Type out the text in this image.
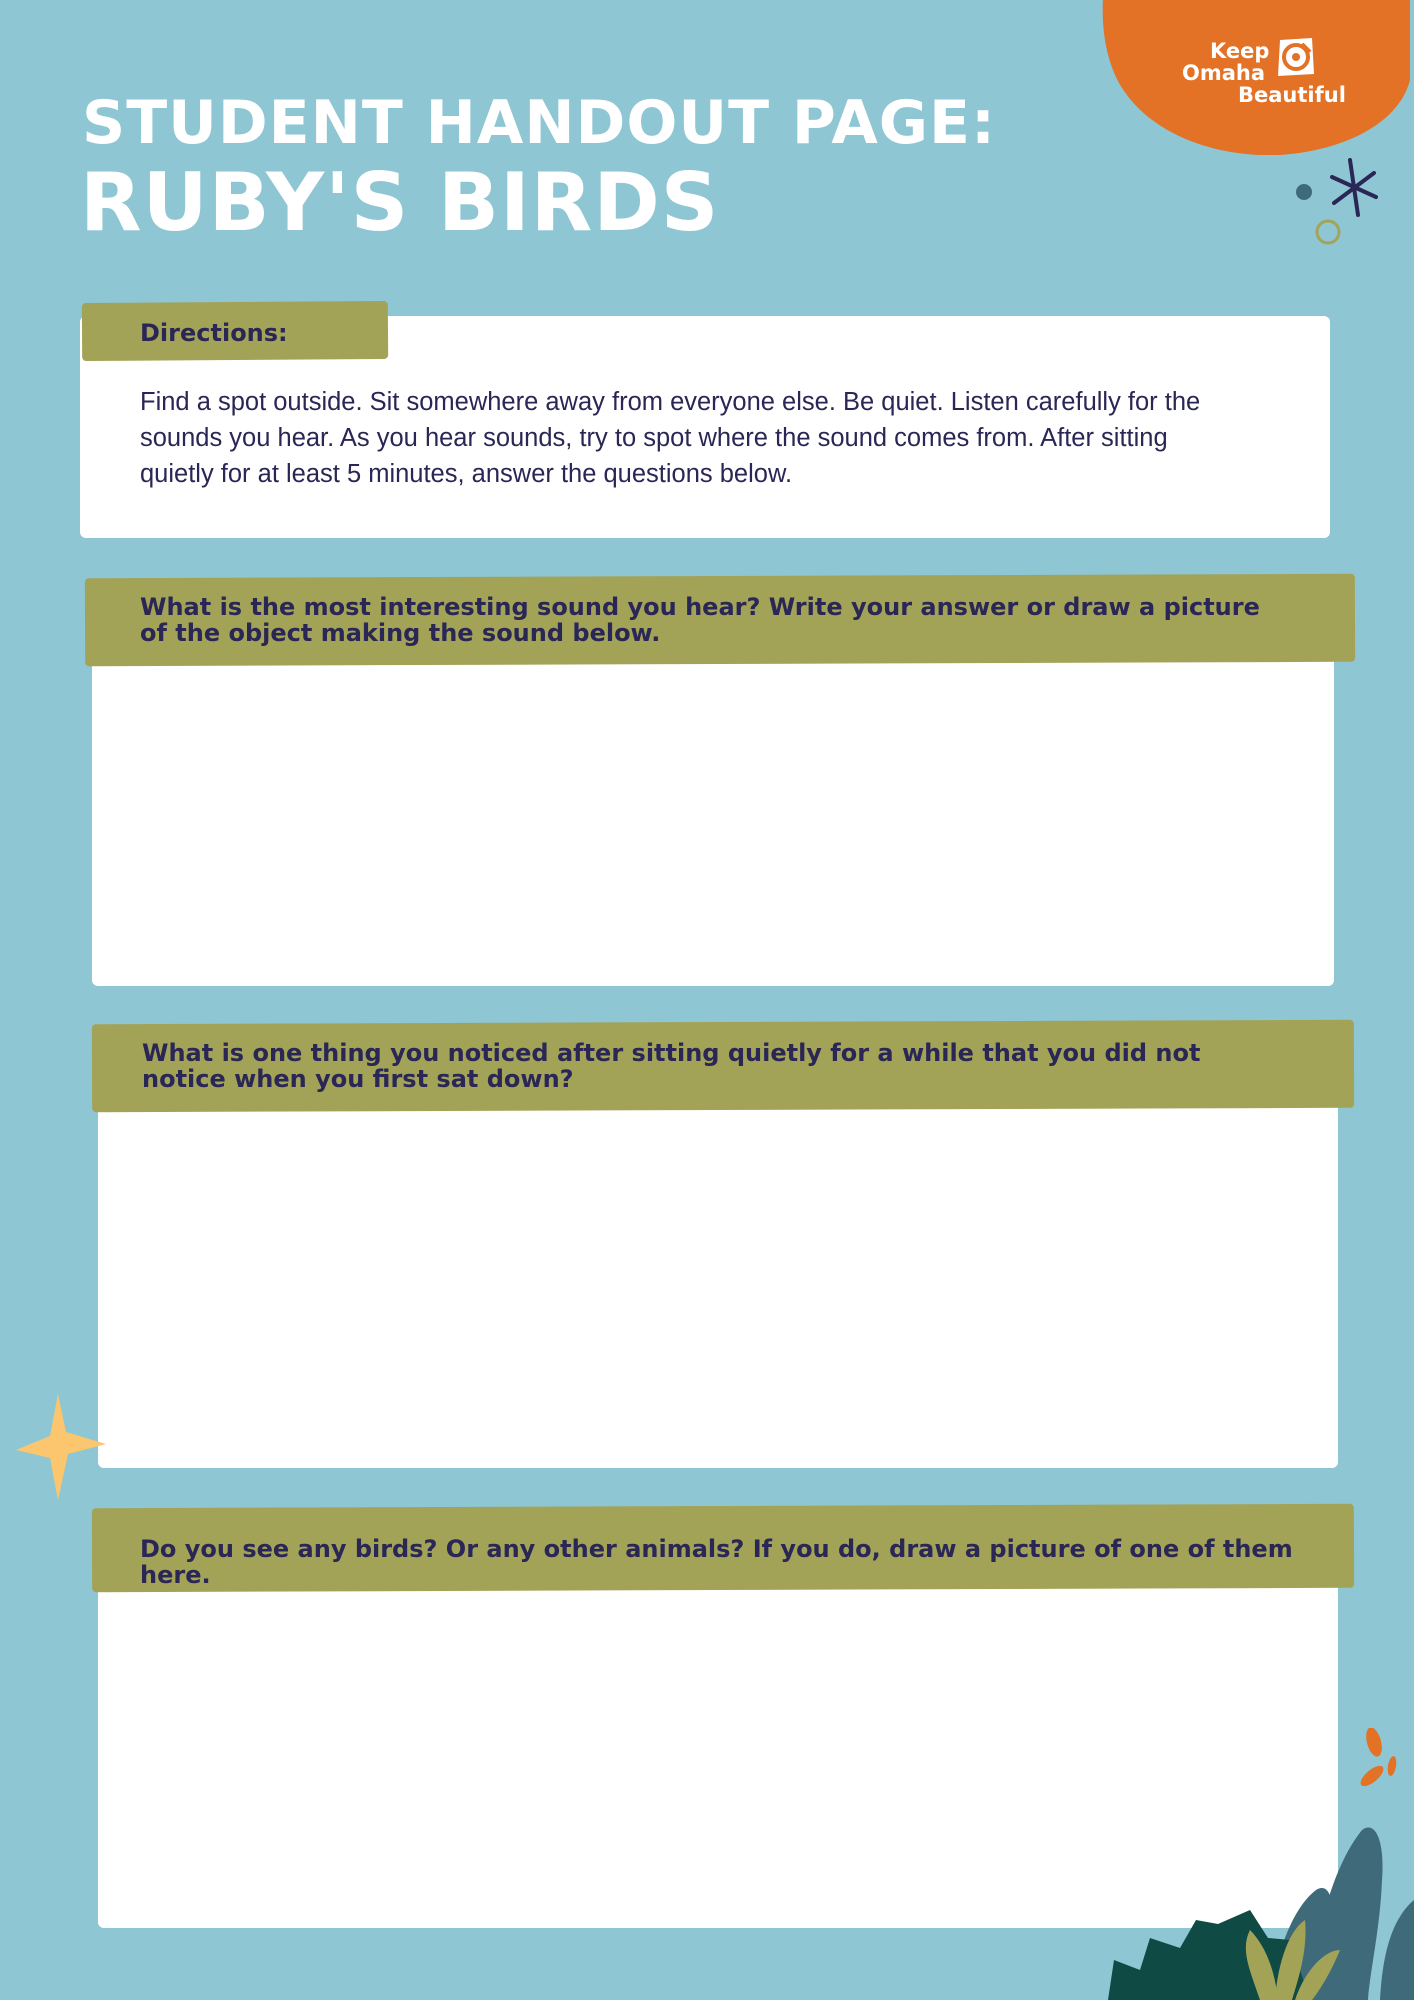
Keep
Omaha
Beautiful
STUDENT HANDOUT PAGE:
RUBY'S BIRDS
Directions:
Find a spot outside. Sit somewhere away from everyone else. Be quiet. Listen carefully for the sounds you hear. As you hear sounds, try to spot where the sound comes from. After sitting quietly for at least 5 minutes, answer the questions below.
What is the most interesting sound you hear? Write your answer or draw a picture of the object making the sound below.
What is one thing you noticed after sitting quietly for a while that you did not notice when you first sat down?
Do you see any birds? Or any other animals? If you do, draw a picture of one of them here.
